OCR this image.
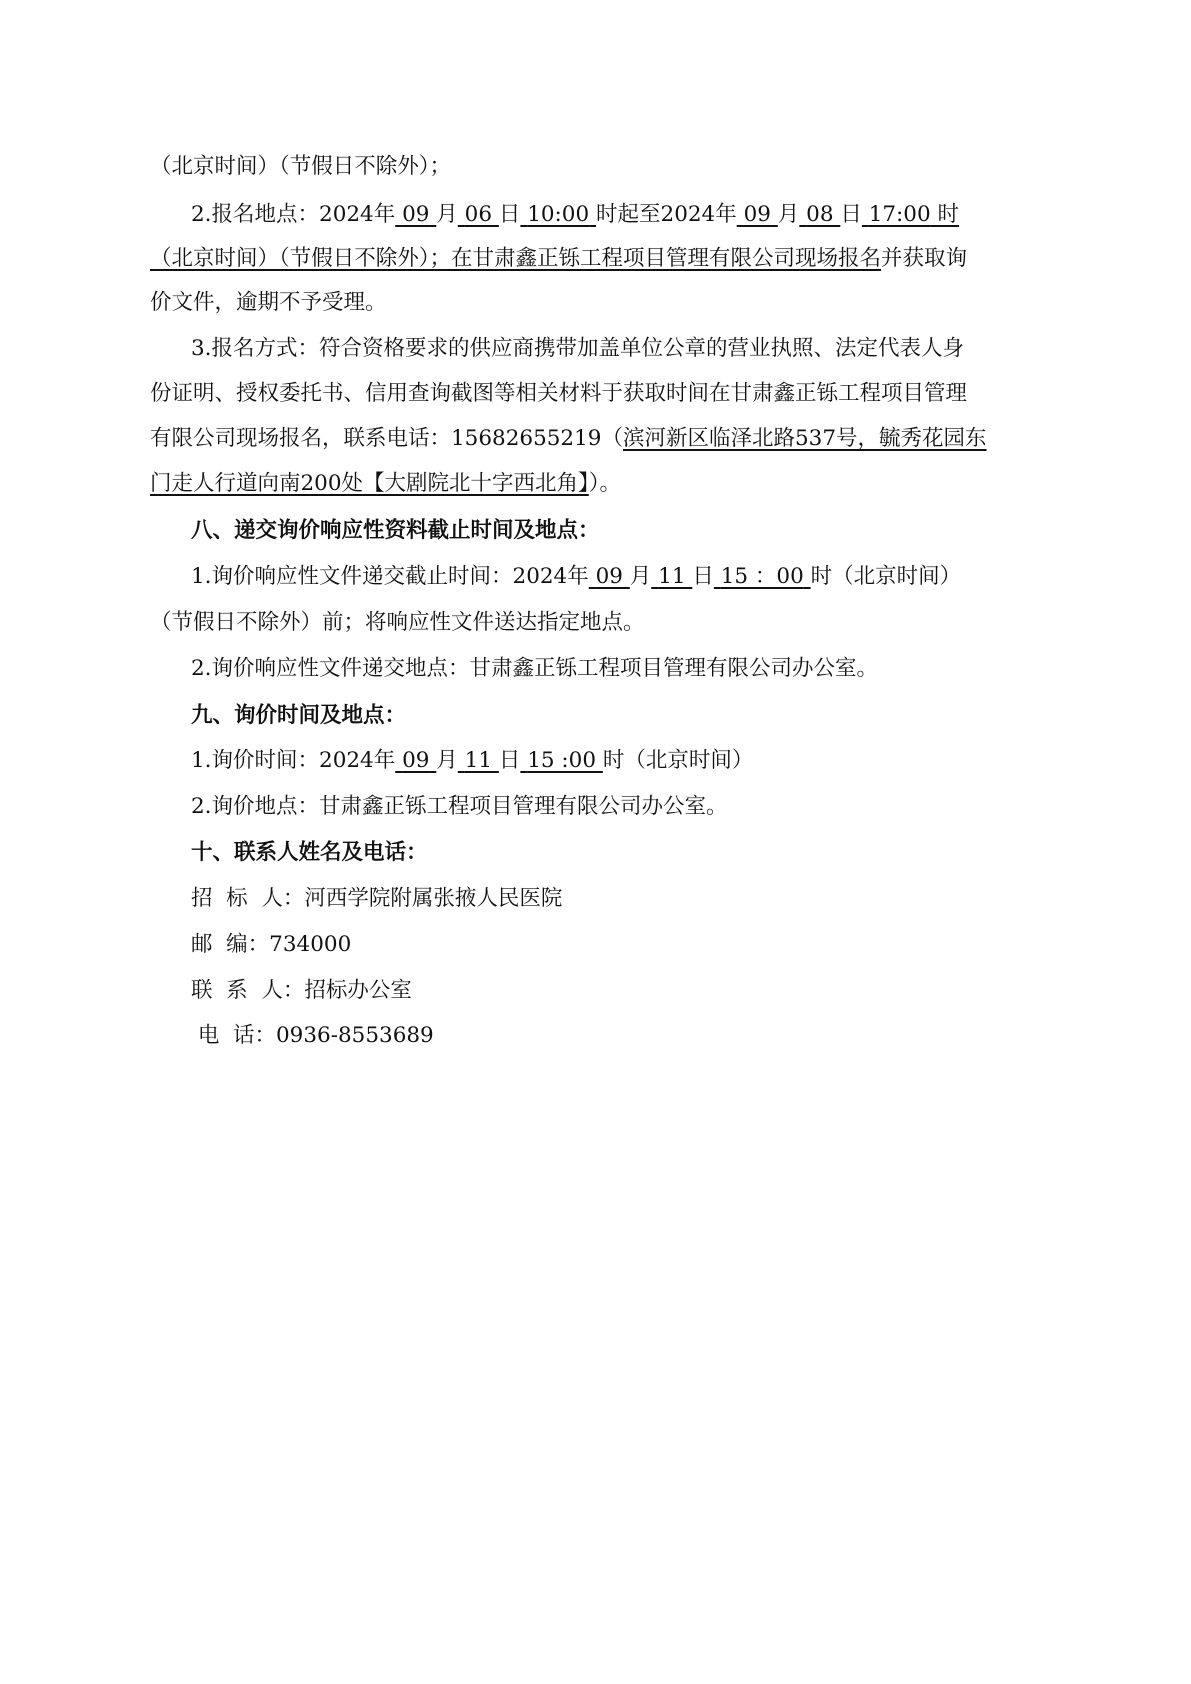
（北京时间）（节假日不除外）；
2.报名地点：2024年 09 月 06 日 10:00 时起至2024年 09 月 08 日 17:00 时
（北京时间）（节假日不除外）；在甘肃鑫正铄工程项目管理有限公司现场报名并获取询
价文件，逾期不予受理。
3.报名方式：符合资格要求的供应商携带加盖单位公章的营业执照、法定代表人身
份证明、授权委托书、信用查询截图等相关材料于获取时间在甘肃鑫正铄工程项目管理
有限公司现场报名，联系电话：15682655219（滨河新区临泽北路537号，毓秀花园东
门走人行道向南200处【大剧院北十字西北角】）。
八、递交询价响应性资料截止时间及地点：
1.询价响应性文件递交截止时间：2024年 09 月 11 日 15 ：00 时（北京时间）
（节假日不除外）前；将响应性文件送达指定地点。
2.询价响应性文件递交地点：甘肃鑫正铄工程项目管理有限公司办公室。
九、询价时间及地点：
1.询价时间：2024年 09 月 11 日 15 :00 时（北京时间）
2.询价地点：甘肃鑫正铄工程项目管理有限公司办公室。
十、联系人姓名及电话：
招  标  人：河西学院附属张掖人民医院
邮  编：734000
联  系  人：招标办公室
电  话：0936-8553689
